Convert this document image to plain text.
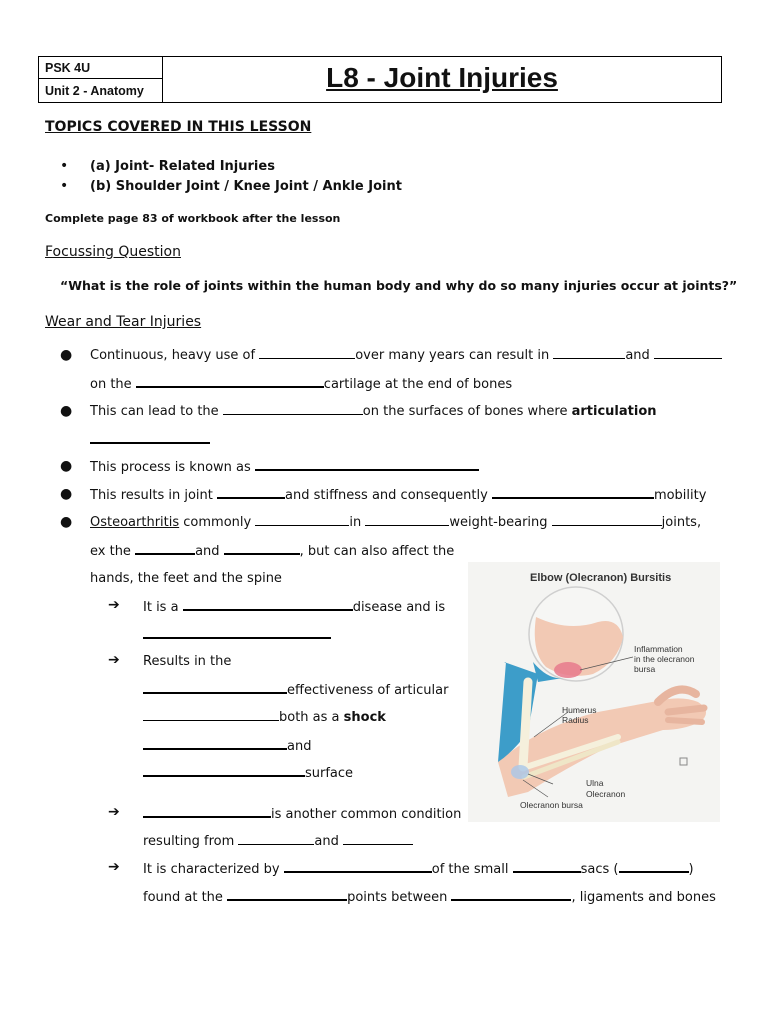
PSK 4U
Unit 2 - Anatomy	L8 - Joint Injuries
TOPICS COVERED IN THIS LESSON
• (a) Joint- Related Injuries
• (b) Shoulder Joint / Knee Joint / Ankle Joint
Complete page 83 of workbook after the lesson
Focussing Question
“What is the role of joints within the human body and why do so many injuries occur at joints?”
Wear and Tear Injuries
● Continuous, heavy use of	over many years can result in	and
on the	cartilage at the end of bones
● This can lead to the	on the surfaces of bones where articulation
● This process is known as
● This results in joint	and stiffness and consequently	mobility
● Osteoarthritis commonly	in	weight-bearing	joints,
ex the	and	, but can also affect the
hands, the feet and the spine
➔ It is a	disease and is
➔ Results in the
effectiveness of articular
both as a shock
and
surface
➔	is another common condition
resulting from	and
➔ It is characterized by	of the small	sacs (	)
found at the	points between	, ligaments and bones
Elbow (Olecranon) Bursitis
Inflammation
in the olecranon
bursa
Humerus
Radius
Ulna
Olecranon
Olecranon bursa
